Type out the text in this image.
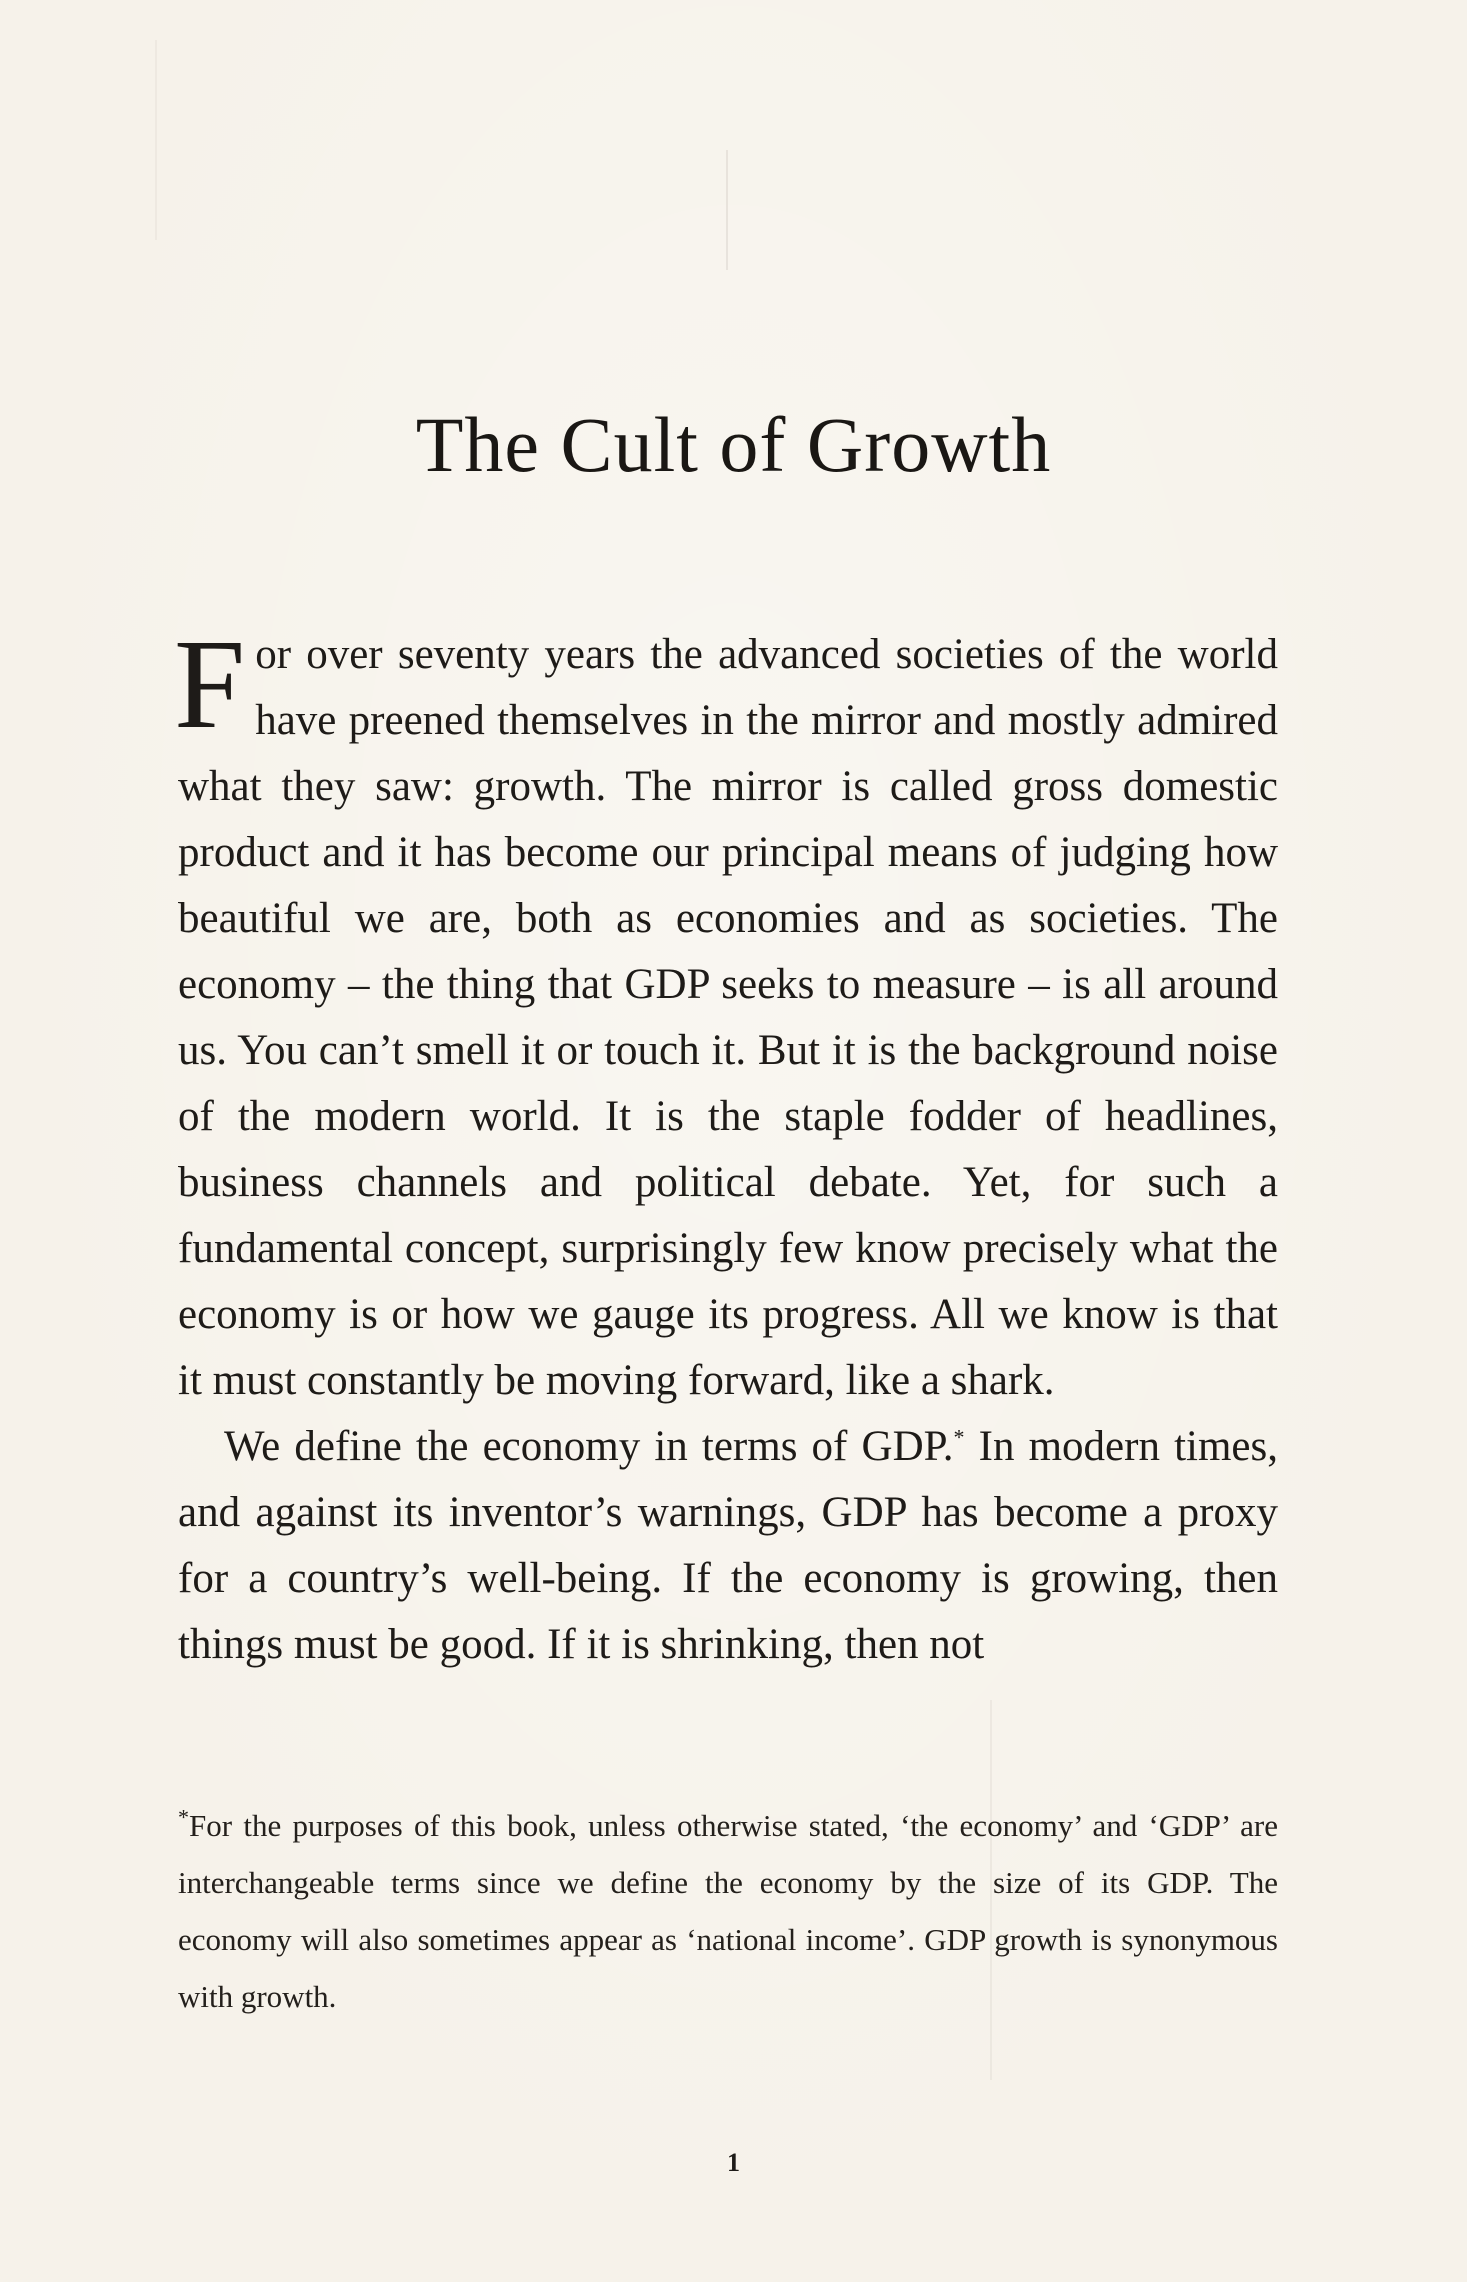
The Cult of Growth

For over seventy years the advanced societies of the world have preened themselves in the mirror and mostly admired what they saw: growth. The mirror is called gross domestic product and it has become our principal means of judging how beautiful we are, both as economies and as societies. The economy – the thing that GDP seeks to measure – is all around us. You can’t smell it or touch it. But it is the background noise of the modern world. It is the staple fodder of headlines, business channels and political debate. Yet, for such a fundamental concept, surprisingly few know precisely what the economy is or how we gauge its progress. All we know is that it must constantly be moving forward, like a shark.

We define the economy in terms of GDP.* In modern times, and against its inventor’s warnings, GDP has become a proxy for a country’s well-being. If the economy is growing, then things must be good. If it is shrinking, then not

*For the purposes of this book, unless otherwise stated, ‘the economy’ and ‘GDP’ are interchangeable terms since we define the economy by the size of its GDP. The economy will also sometimes appear as ‘national income’. GDP growth is synonymous with growth.

1
